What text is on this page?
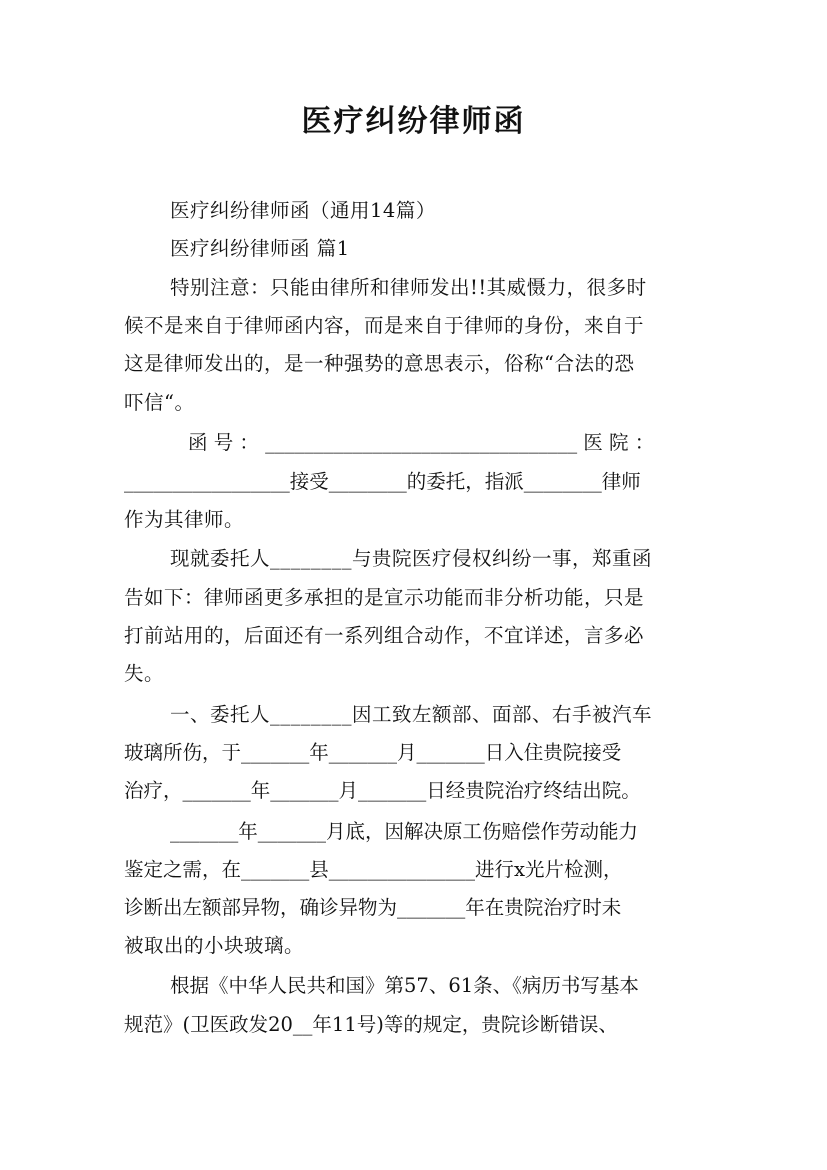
医疗纠纷律师函
医疗纠纷律师函（通用14篇）
医疗纠纷律师函 篇1
特别注意：只能由律所和律师发出!!其威慑力，很多时
候不是来自于律师函内容，而是来自于律师的身份，来自于
这是律师发出的，是一种强势的意思表示，俗称“合法的恐
吓信“。
函 号 ： ________________________________ 医 院 ：
_________________接受________的委托，指派________律师
作为其律师。
现就委托人________与贵院医疗侵权纠纷一事，郑重函
告如下：律师函更多承担的是宣示功能而非分析功能，只是
打前站用的，后面还有一系列组合动作，不宜详述，言多必
失。
一、委托人________因工致左额部、面部、右手被汽车
玻璃所伤，于_______年_______月_______日入住贵院接受
治疗，_______年_______月_______日经贵院治疗终结出院。
_______年_______月底，因解决原工伤赔偿作劳动能力
鉴定之需，在_______县_______________进行x光片检测，
诊断出左额部异物，确诊异物为_______年在贵院治疗时未
被取出的小块玻璃。
根据《中华人民共和国》第57、61条、《病历书写基本
规范》(卫医政发20__年11号)等的规定，贵院诊断错误、
